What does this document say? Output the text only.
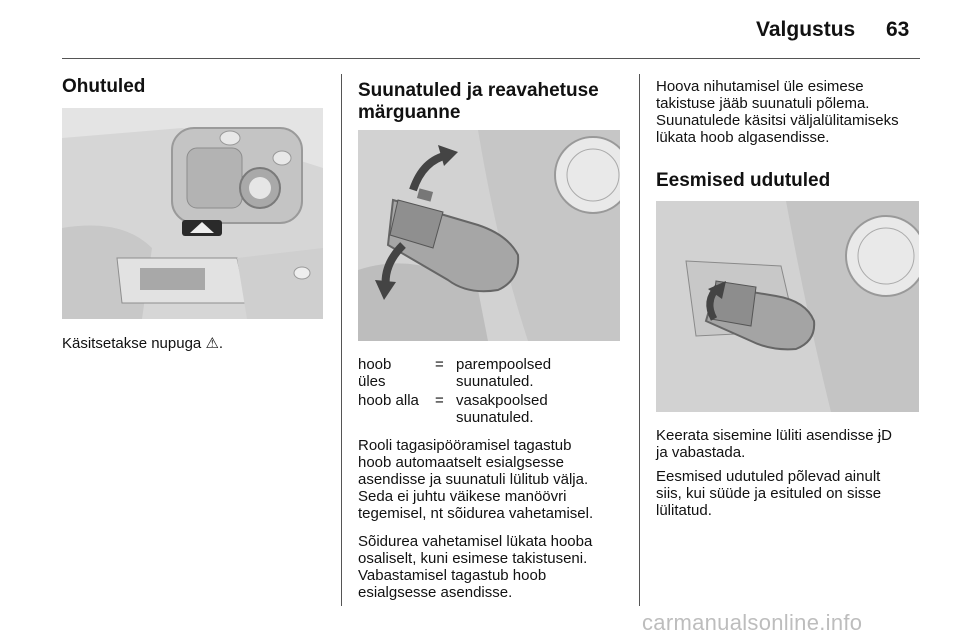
Valgustus 63
Ohutuled

Käsitsetakse nupuga ⚠.

Suunatuled ja reavahetuse
märguanne
hoob
üles
= parempoolsed
suunatuled.
hoob alla = vasakpoolsed
suunatuled.

Rooli tagasipööramisel tagastub
hoob automaatselt esialgsesse
asendisse ja suunatuli lülitub välja.
Seda ei juhtu väikese manöövri
tegemisel, nt sõidurea vahetamisel.

Sõidurea vahetamisel lükata hooba
osaliselt, kuni esimese takistuseni.
Vabastamisel tagastub hoob
esialgsesse asendisse.

Hoova nihutamisel üle esimese
takistuse jääb suunatuli põlema.
Suunatulede käsitsi väljalülitamiseks
lükata hoob algasendisse.

Eesmised udutuled

Keerata sisemine lüliti asendisse ɉD
ja vabastada.

Eesmised udutuled põlevad ainult
siis, kui süüde ja esituled on sisse
lülitatud.

carmanualsonline.info
